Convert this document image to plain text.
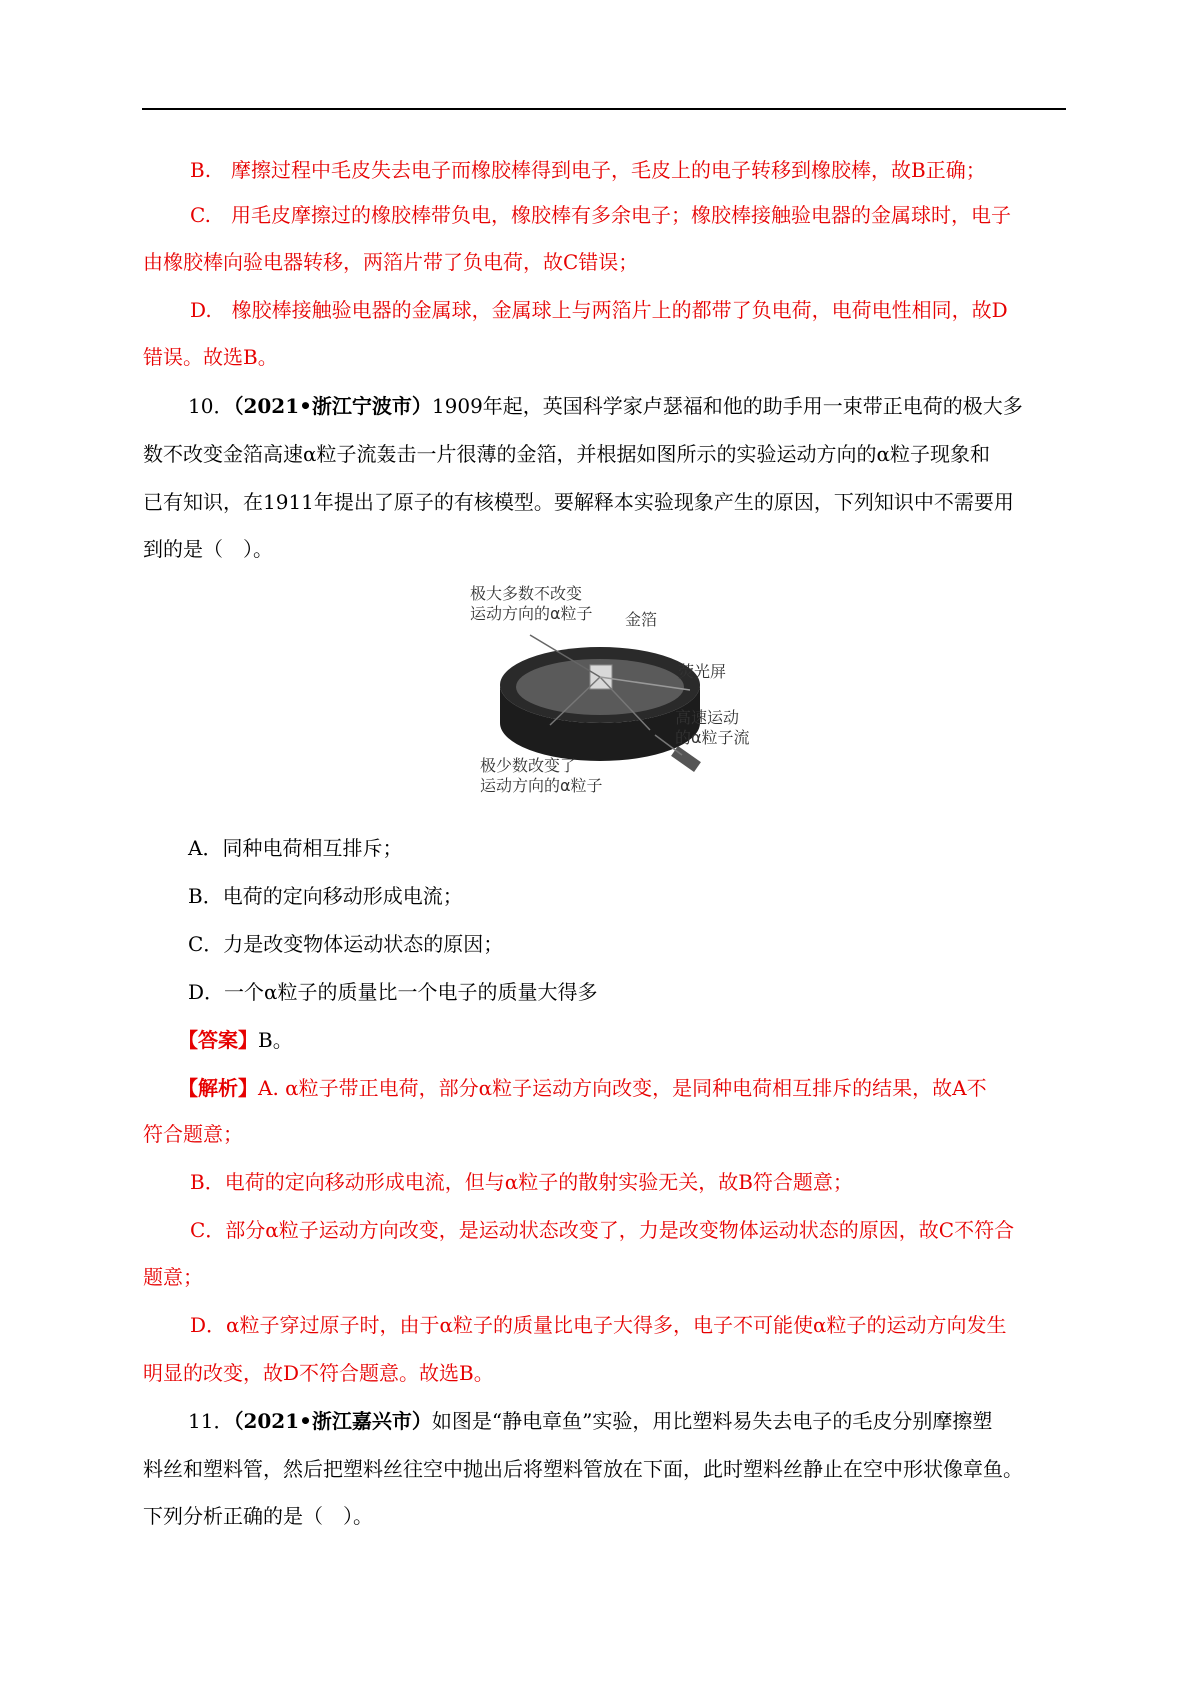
B.　摩擦过程中毛皮失去电子而橡胶棒得到电子，毛皮上的电子转移到橡胶棒，故B正确；
C.　用毛皮摩擦过的橡胶棒带负电，橡胶棒有多余电子；橡胶棒接触验电器的金属球时，电子
由橡胶棒向验电器转移，两箔片带了负电荷，故C错误；
D.　橡胶棒接触验电器的金属球，金属球上与两箔片上的都带了负电荷，电荷电性相同，故D
错误。故选B。
10．（2021•浙江宁波市）1909年起，英国科学家卢瑟福和他的助手用一束带正电荷的极大多
数不改变金箔高速α粒子流轰击一片很薄的金箔，并根据如图所示的实验运动方向的α粒子现象和
已有知识，在1911年提出了原子的有核模型。要解释本实验现象产生的原因，下列知识中不需要用
到的是（　）。
极大多数不改变
运动方向的α粒子 金箔
荧光屏
高速运动
的α粒子流
极少数改变了
运动方向的α粒子
A．同种电荷相互排斥；
B．电荷的定向移动形成电流；
C．力是改变物体运动状态的原因；
D．一个α粒子的质量比一个电子的质量大得多
【答案】B。
【解析】A. α粒子带正电荷，部分α粒子运动方向改变，是同种电荷相互排斥的结果，故A不
符合题意；
B．电荷的定向移动形成电流，但与α粒子的散射实验无关，故B符合题意；
C．部分α粒子运动方向改变，是运动状态改变了，力是改变物体运动状态的原因，故C不符合
题意；
D．α粒子穿过原子时，由于α粒子的质量比电子大得多，电子不可能使α粒子的运动方向发生
明显的改变，故D不符合题意。故选B。
11．（2021•浙江嘉兴市）如图是“静电章鱼”实验，用比塑料易失去电子的毛皮分别摩擦塑
料丝和塑料管，然后把塑料丝往空中抛出后将塑料管放在下面，此时塑料丝静止在空中形状像章鱼。
下列分析正确的是（　）。
